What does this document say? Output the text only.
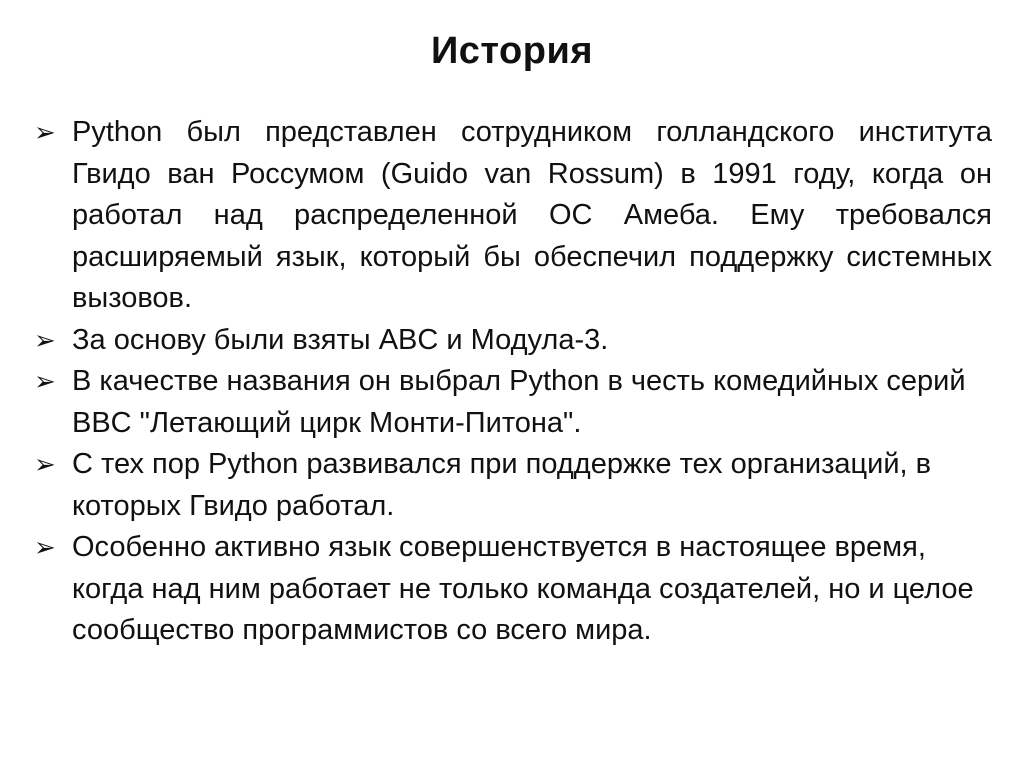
История
➢ Python был представлен сотрудником голландского института Гвидо ван Россумом (Guido van Rossum) в 1991 году, когда он работал над распределенной ОС Амеба. Ему требовался расширяемый язык, который бы обеспечил поддержку системных вызовов.
➢ За основу были взяты ABC и Модула-3.
➢ В качестве названия он выбрал Python в честь комедийных серий BBC "Летающий цирк Монти-Питона".
➢ С тех пор Python развивался при поддержке тех организаций, в которых Гвидо работал.
➢ Особенно активно язык совершенствуется в настоящее время, когда над ним работает не только команда создателей, но и целое сообщество программистов со всего мира.
